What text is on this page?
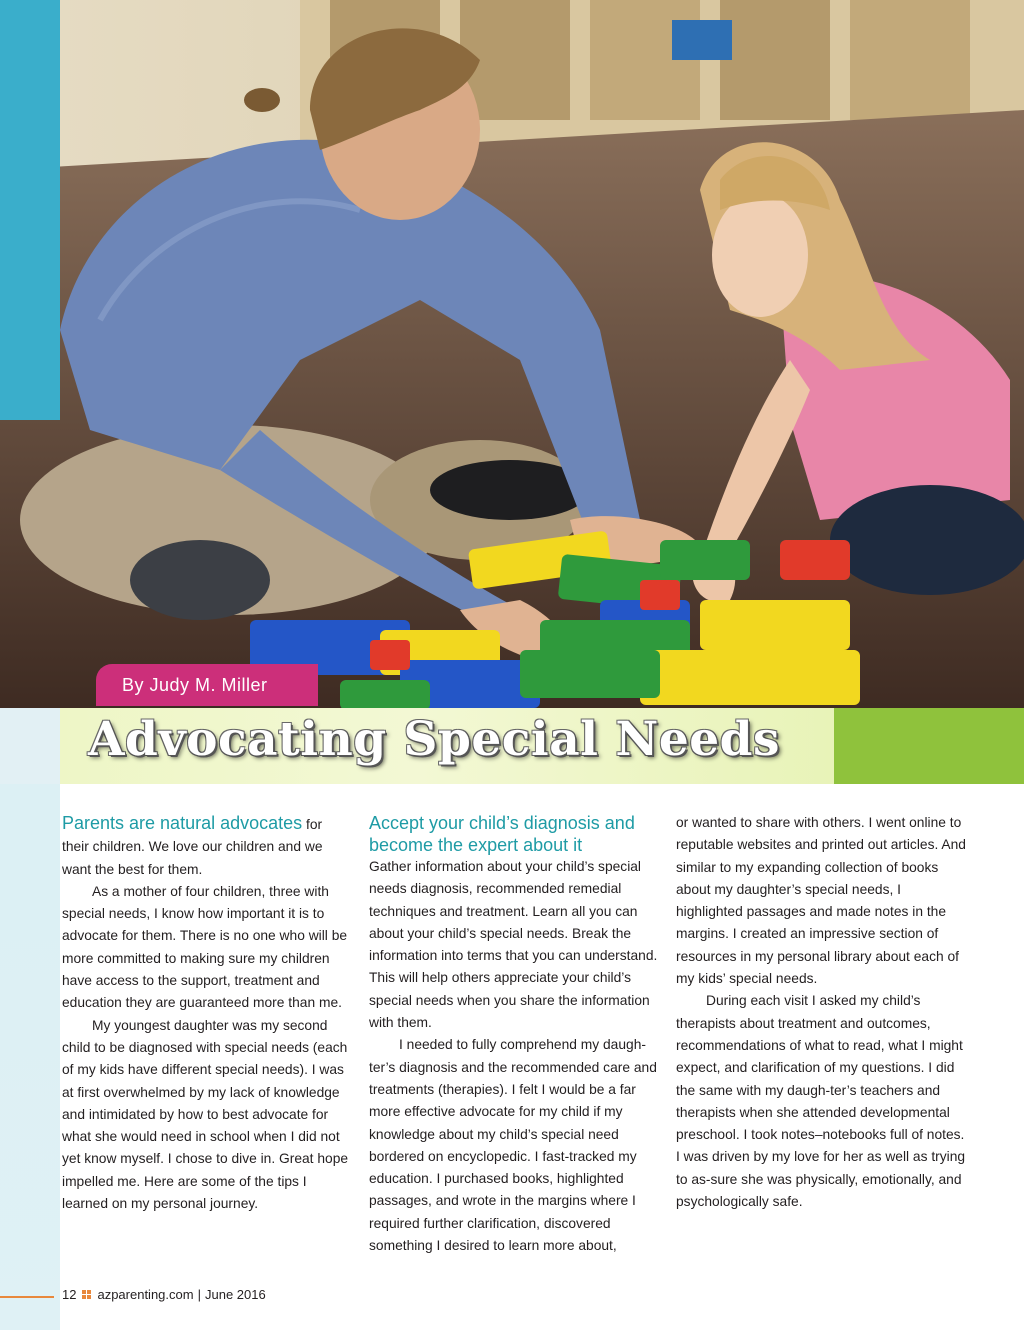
By Judy M. Miller
Advocating Special Needs

Parents are natural advocates for their children. We love our children and we want the best for them.

As a mother of four children, three with special needs, I know how important it is to advocate for them. There is no one who will be more committed to making sure my children have access to the support, treatment and education they are guaranteed more than me.

My youngest daughter was my second child to be diagnosed with special needs (each of my kids have different special needs). I was at first overwhelmed by my lack of knowledge and intimidated by how to best advocate for what she would need in school when I did not yet know myself. I chose to dive in. Great hope impelled me. Here are some of the tips I learned on my personal journey.

Accept your child’s diagnosis and become the expert about it

Gather information about your child’s special needs diagnosis, recommended remedial techniques and treatment. Learn all you can about your child’s special needs. Break the information into terms that you can understand. This will help others appreciate your child’s special needs when you share the information with them.

I needed to fully comprehend my daugh-ter’s diagnosis and the recommended care and treatments (therapies). I felt I would be a far more effective advocate for my child if my knowledge about my child’s special need bordered on encyclopedic. I fast-tracked my education. I purchased books, highlighted passages, and wrote in the margins where I required further clarification, discovered something I desired to learn more about,

or wanted to share with others. I went online to reputable websites and printed out articles. And similar to my expanding collection of books about my daughter’s special needs, I highlighted passages and made notes in the margins. I created an impressive section of resources in my personal library about each of my kids’ special needs.

During each visit I asked my child’s therapists about treatment and outcomes, recommendations of what to read, what I might expect, and clarification of my questions. I did the same with my daugh-ter’s teachers and therapists when she attended developmental preschool. I took notes–notebooks full of notes. I was driven by my love for her as well as trying to as-sure she was physically, emotionally, and psychologically safe.

12 azparenting.com | June 2016
